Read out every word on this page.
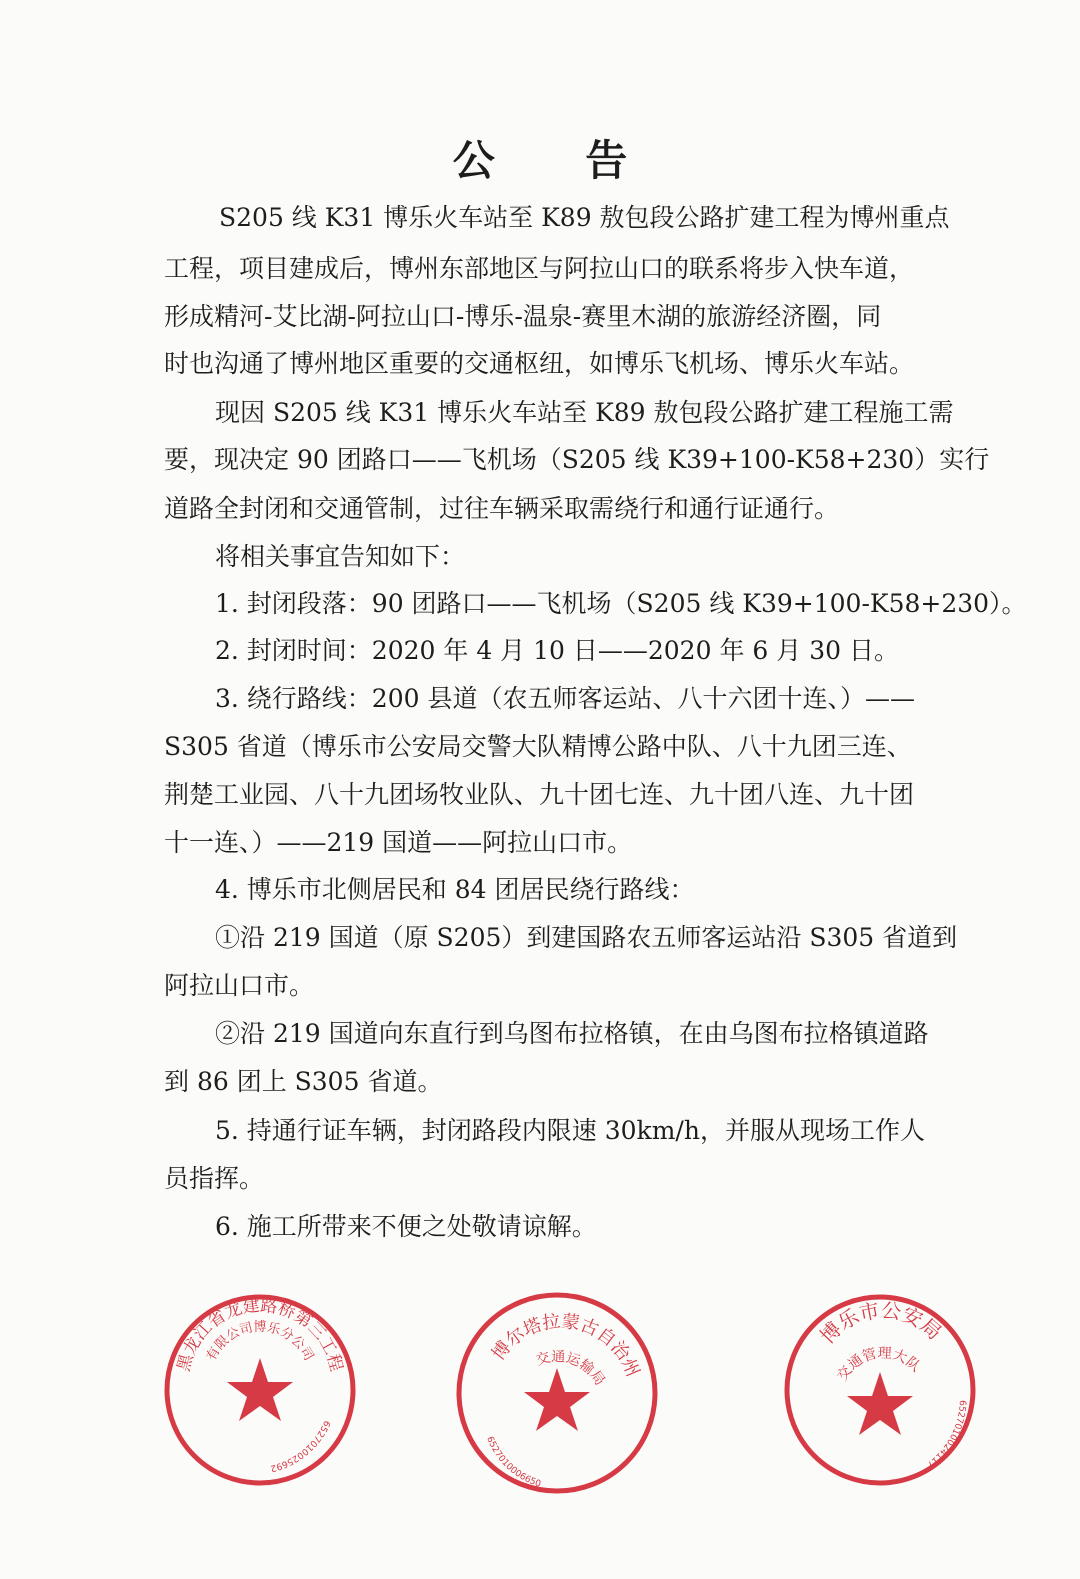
公 告
S205 线 K31 博乐火车站至 K89 敖包段公路扩建工程为博州重点
工程，项目建成后，博州东部地区与阿拉山口的联系将步入快车道，
形成精河-艾比湖-阿拉山口-博乐-温泉-赛里木湖的旅游经济圈，同
时也沟通了博州地区重要的交通枢纽，如博乐飞机场、博乐火车站。
现因 S205 线 K31 博乐火车站至 K89 敖包段公路扩建工程施工需
要，现决定 90 团路口——飞机场（S205 线 K39+100-K58+230）实行
道路全封闭和交通管制，过往车辆采取需绕行和通行证通行。
将相关事宜告知如下：
1. 封闭段落：90 团路口——飞机场（S205 线 K39+100-K58+230）。
2. 封闭时间：2020 年 4 月 10 日——2020 年 6 月 30 日。
3. 绕行路线：200 县道（农五师客运站、八十六团十连、）——
S305 省道（博乐市公安局交警大队精博公路中队、八十九团三连、
荆楚工业园、八十九团场牧业队、九十团七连、九十团八连、九十团
十一连、）——219 国道——阿拉山口市。
4. 博乐市北侧居民和 84 团居民绕行路线：
①沿 219 国道（原 S205）到建国路农五师客运站沿 S305 省道到
阿拉山口市。
②沿 219 国道向东直行到乌图布拉格镇，在由乌图布拉格镇道路
到 86 团上 S305 省道。
5. 持通行证车辆，封闭路段内限速 30km/h，并服从现场工作人
员指挥。
6. 施工所带来不便之处敬请谅解。
黑龙江省龙建路桥第三工程
有限公司博乐分公司
6527010025692
博尔塔拉蒙古自治州
交通运输局
6527010006650
博乐市公安局
交通管理大队
6527010024117
